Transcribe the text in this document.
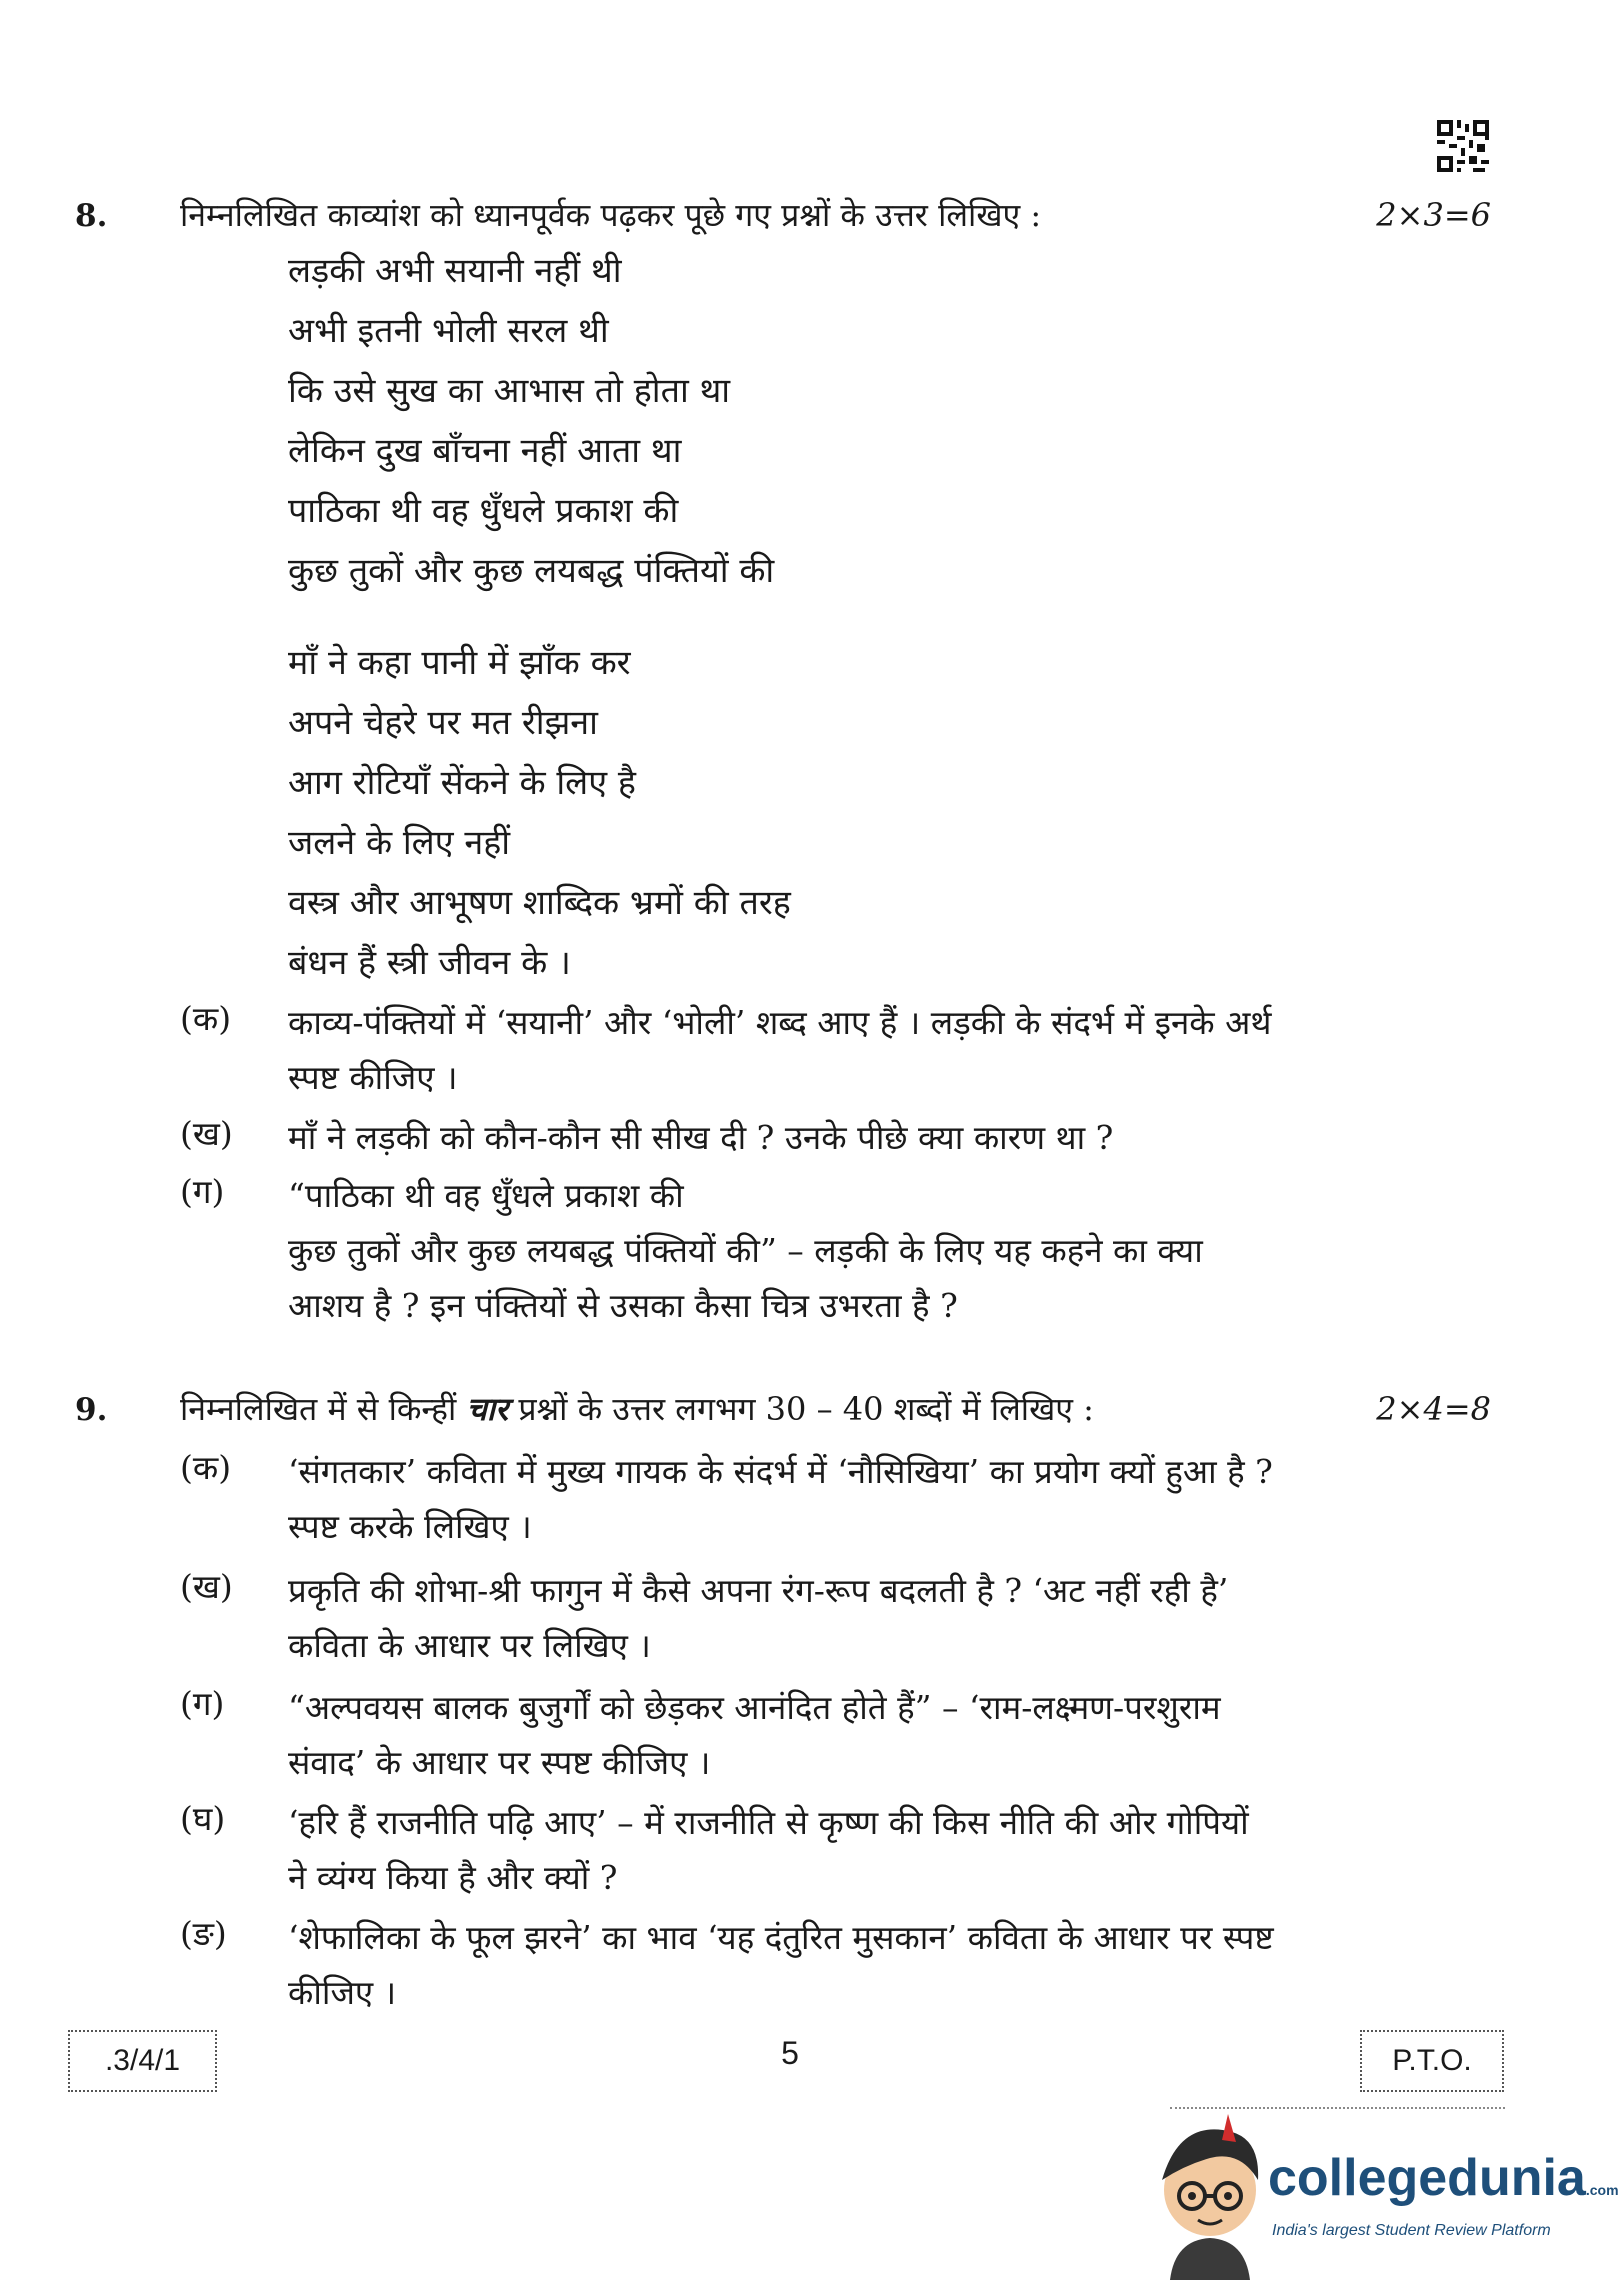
8. निम्नलिखित काव्यांश को ध्यानपूर्वक पढ़कर पूछे गए प्रश्नों के उत्तर लिखिए :	2×3=6
लड़की अभी सयानी नहीं थी
अभी इतनी भोली सरल थी
कि उसे सुख का आभास तो होता था
लेकिन दुख बाँचना नहीं आता था
पाठिका थी वह धुँधले प्रकाश की
कुछ तुकों और कुछ लयबद्ध पंक्तियों की
माँ ने कहा पानी में झाँक कर
अपने चेहरे पर मत रीझना
आग रोटियाँ सेंकने के लिए है
जलने के लिए नहीं
वस्त्र और आभूषण शाब्दिक भ्रमों की तरह
बंधन हैं स्त्री जीवन के ।
(क)	काव्य-पंक्तियों में ‘सयानी’ और ‘भोली’ शब्द आए हैं । लड़की के संदर्भ में इनके अर्थ
स्पष्ट कीजिए ।
(ख)	माँ ने लड़की को कौन-कौन सी सीख दी ? उनके पीछे क्या कारण था ?
(ग)	“पाठिका थी वह धुँधले प्रकाश की
कुछ तुकों और कुछ लयबद्ध पंक्तियों की” – लड़की के लिए यह कहने का क्या
आशय है ? इन पंक्तियों से उसका कैसा चित्र उभरता है ?
9. निम्नलिखित में से किन्हीं चार प्रश्नों के उत्तर लगभग 30 – 40 शब्दों में लिखिए :	2×4=8
(क)	‘संगतकार’ कविता में मुख्य गायक के संदर्भ में ‘नौसिखिया’ का प्रयोग क्यों हुआ है ?
स्पष्ट करके लिखिए ।
(ख)	प्रकृति की शोभा-श्री फागुन में कैसे अपना रंग-रूप बदलती है ? ‘अट नहीं रही है’
कविता के आधार पर लिखिए ।
(ग)	“अल्पवयस बालक बुजुर्गों को छेड़कर आनंदित होते हैं” – ‘राम-लक्ष्मण-परशुराम
संवाद’ के आधार पर स्पष्ट कीजिए ।
(घ)	‘हरि हैं राजनीति पढ़ि आए’ – में राजनीति से कृष्ण की किस नीति की ओर गोपियों
ने व्यंग्य किया है और क्यों ?
(ङ)	‘शेफालिका के फूल झरने’ का भाव ‘यह दंतुरित मुसकान’ कविता के आधार पर स्पष्ट
कीजिए ।
.3/4/1	5	P.T.O.
collegedunia.com
India's largest Student Review Platform
